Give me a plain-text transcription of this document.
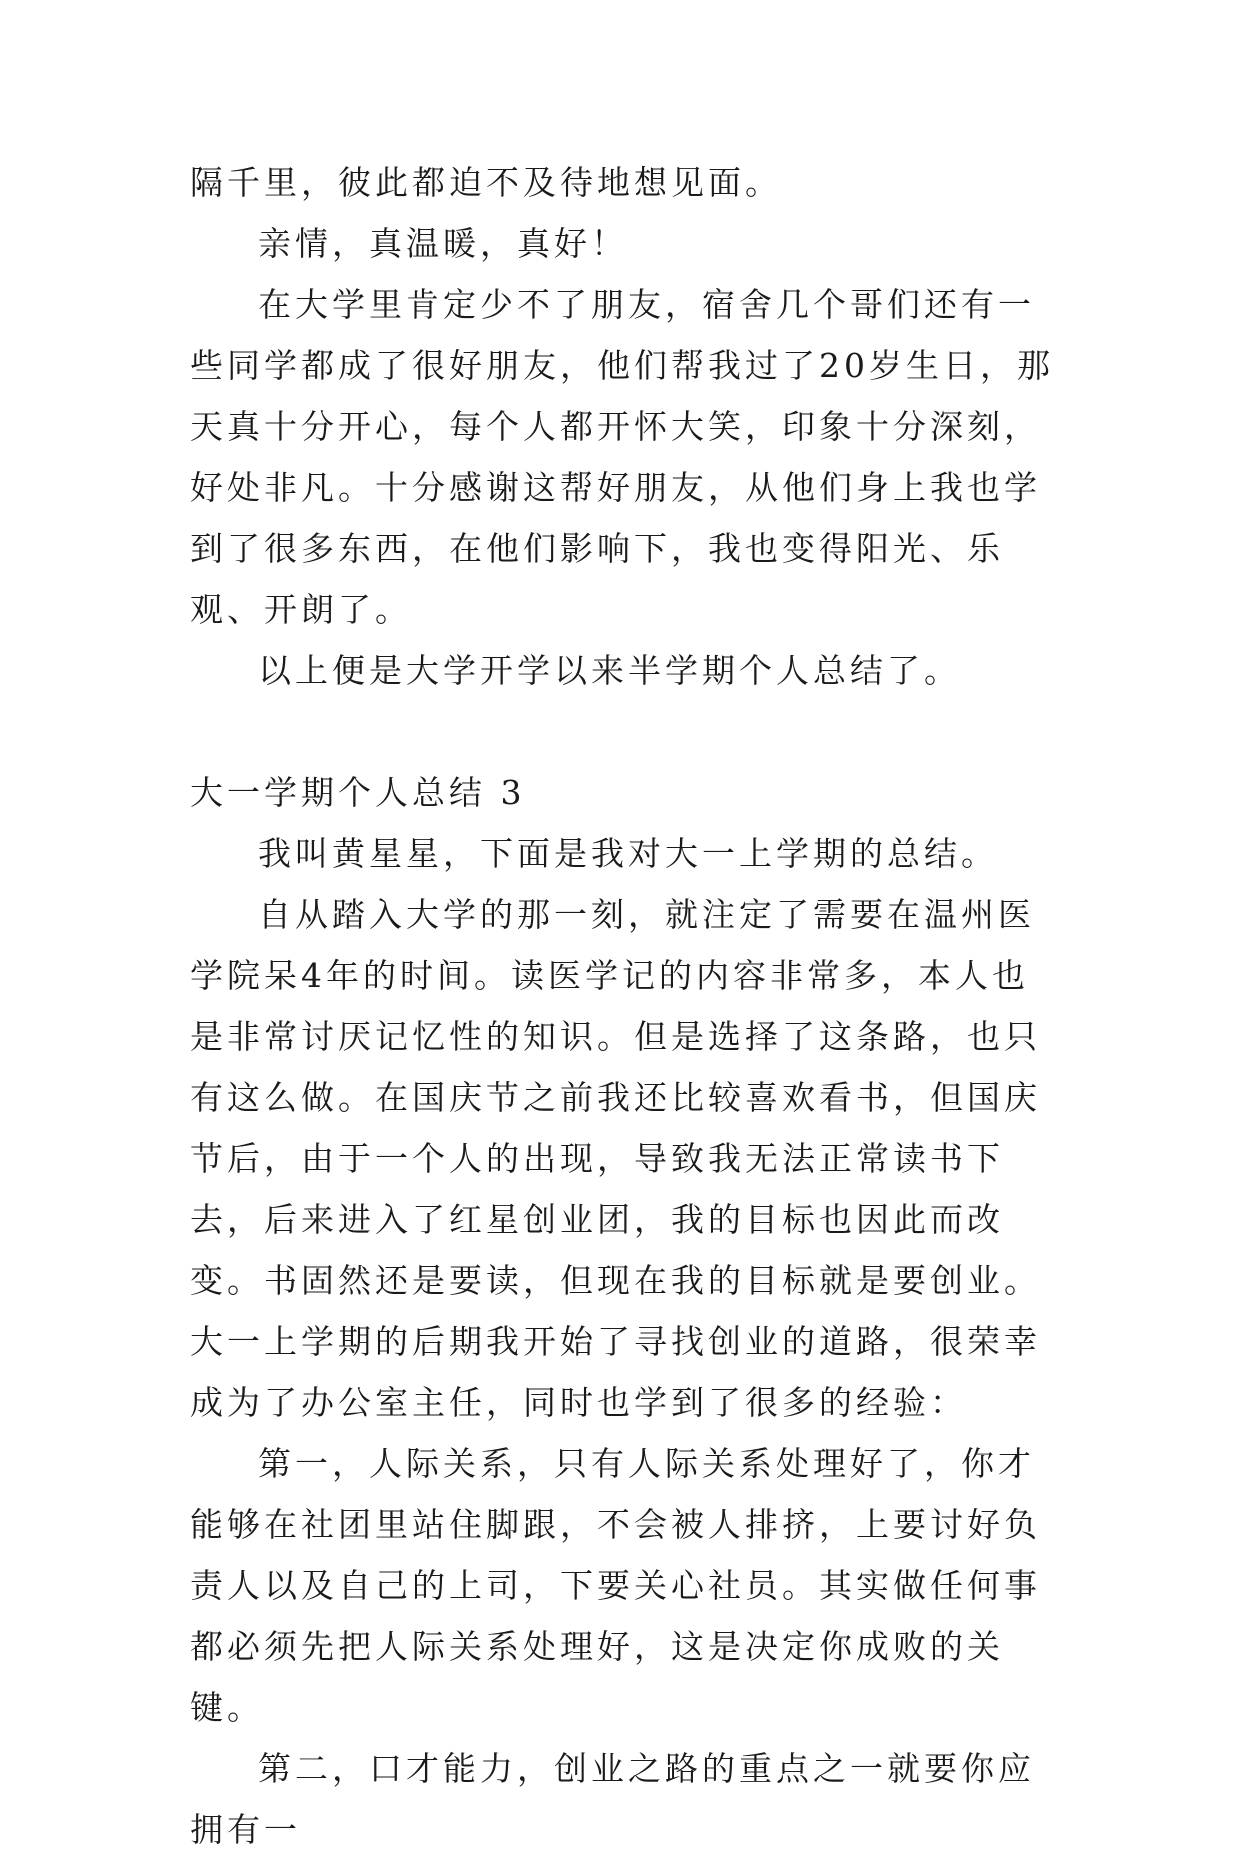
隔千里，彼此都迫不及待地想见面。

亲情，真温暖，真好！

在大学里肯定少不了朋友，宿舍几个哥们还有一些同学都成了很好朋友，他们帮我过了20岁生日，那天真十分开心，每个人都开怀大笑，印象十分深刻，好处非凡。十分感谢这帮好朋友，从他们身上我也学到了很多东西，在他们影响下，我也变得阳光、乐观、开朗了。

以上便是大学开学以来半学期个人总结了。

大一学期个人总结 3

我叫黄星星，下面是我对大一上学期的总结。

自从踏入大学的那一刻，就注定了需要在温州医学院呆4年的时间。读医学记的内容非常多，本人也是非常讨厌记忆性的知识。但是选择了这条路，也只有这么做。在国庆节之前我还比较喜欢看书，但国庆节后，由于一个人的出现，导致我无法正常读书下去，后来进入了红星创业团，我的目标也因此而改变。书固然还是要读，但现在我的目标就是要创业。大一上学期的后期我开始了寻找创业的道路，很荣幸成为了办公室主任，同时也学到了很多的经验：

第一，人际关系，只有人际关系处理好了，你才能够在社团里站住脚跟，不会被人排挤，上要讨好负责人以及自己的上司，下要关心社员。其实做任何事都必须先把人际关系处理好，这是决定你成败的关键。

第二，口才能力，创业之路的重点之一就要你应拥有一
